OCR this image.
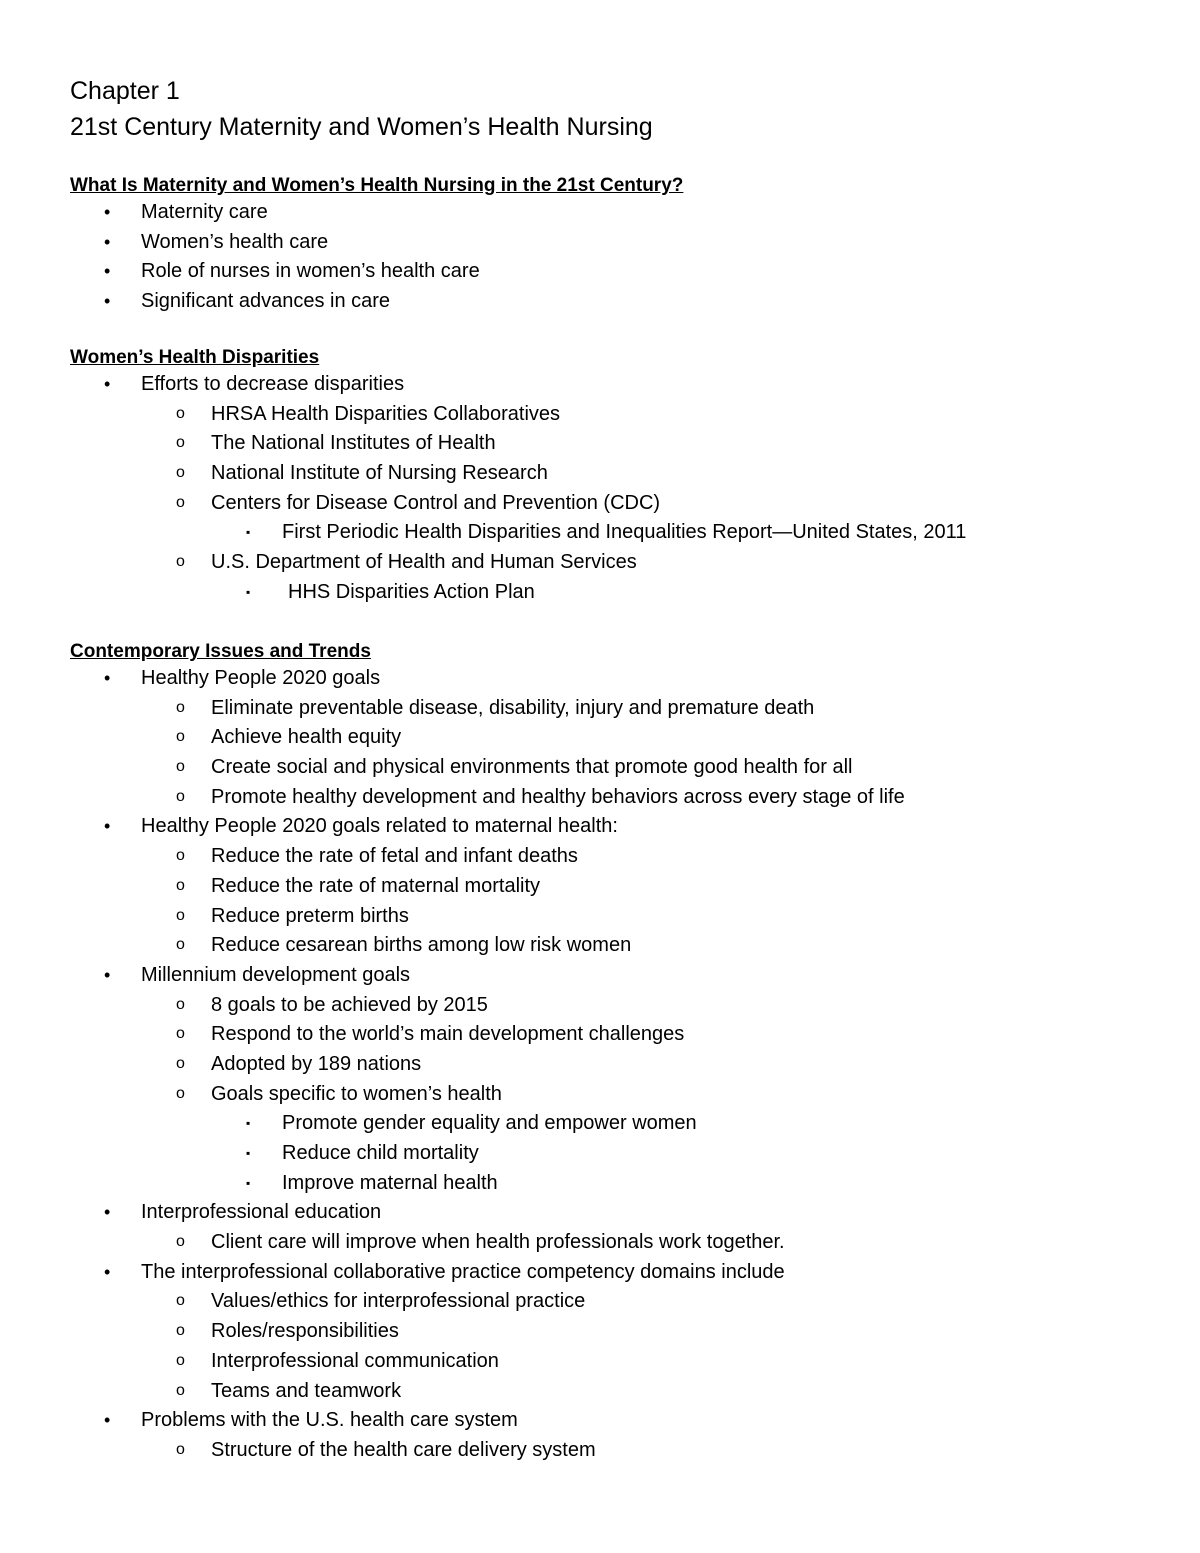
Chapter 1
21st Century Maternity and Women’s Health Nursing
What Is Maternity and Women’s Health Nursing in the 21st Century?
• Maternity care
• Women’s health care
• Role of nurses in women’s health care
• Significant advances in care
Women’s Health Disparities
• Efforts to decrease disparities
o HRSA Health Disparities Collaboratives
o The National Institutes of Health
o National Institute of Nursing Research
o Centers for Disease Control and Prevention (CDC)
▪ First Periodic Health Disparities and Inequalities Report—United States, 2011
o U.S. Department of Health and Human Services
▪ HHS Disparities Action Plan
Contemporary Issues and Trends
• Healthy People 2020 goals
o Eliminate preventable disease, disability, injury and premature death
o Achieve health equity
o Create social and physical environments that promote good health for all
o Promote healthy development and healthy behaviors across every stage of life
• Healthy People 2020 goals related to maternal health:
o Reduce the rate of fetal and infant deaths
o Reduce the rate of maternal mortality
o Reduce preterm births
o Reduce cesarean births among low risk women
• Millennium development goals
o 8 goals to be achieved by 2015
o Respond to the world’s main development challenges
o Adopted by 189 nations
o Goals specific to women’s health
▪ Promote gender equality and empower women
▪ Reduce child mortality
▪ Improve maternal health
• Interprofessional education
o Client care will improve when health professionals work together.
• The interprofessional collaborative practice competency domains include
o Values/ethics for interprofessional practice
o Roles/responsibilities
o Interprofessional communication
o Teams and teamwork
• Problems with the U.S. health care system
o Structure of the health care delivery system
